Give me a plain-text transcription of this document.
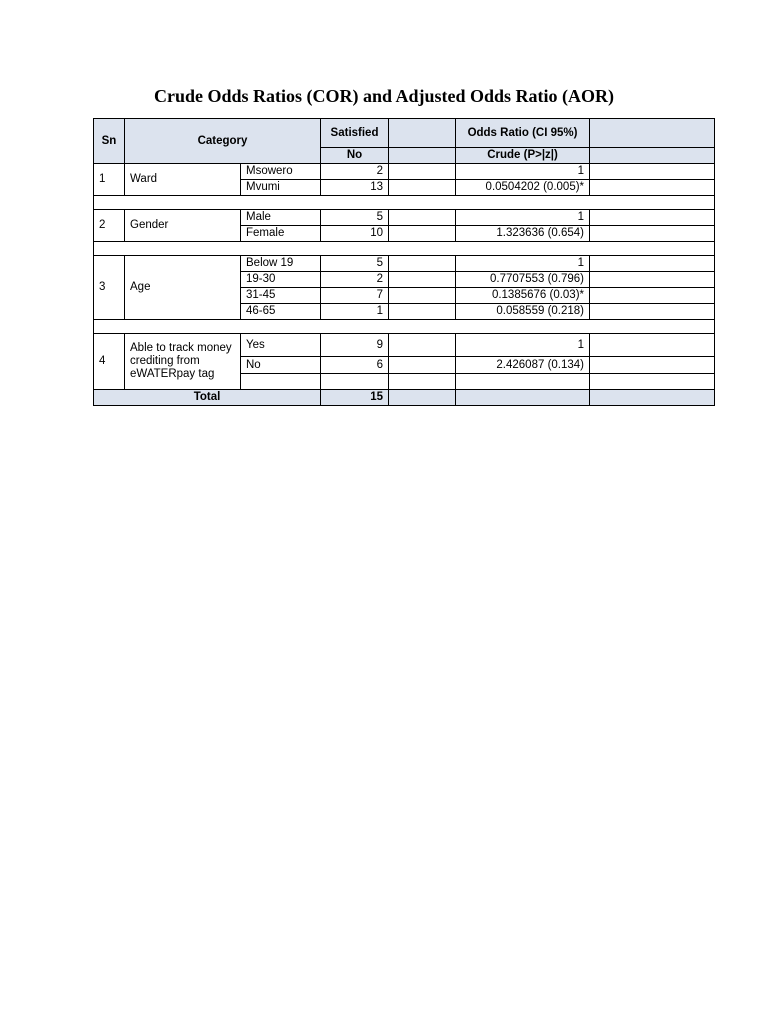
Crude Odds Ratios (COR) and Adjusted Odds Ratio (AOR)
Sn	Category		Satisfied		Odds Ratio (CI 95%)	
			No		Crude (P>|z|)	
1	Ward	Msowero	2		1	
		Mvumi	13		0.0504202 (0.005)*	

2	Gender	Male	5		1	
		Female	10		1.323636 (0.654)	

3	Age	Below 19	5		1	
		19-30	2		0.7707553 (0.796)	
		31-45	7		0.1385676 (0.03)*	
		46-65	1		0.058559 (0.218)	

4	Able to track money crediting from eWATERpay tag	Yes	9		1	
		No	6		2.426087 (0.134)	

Total			15			
